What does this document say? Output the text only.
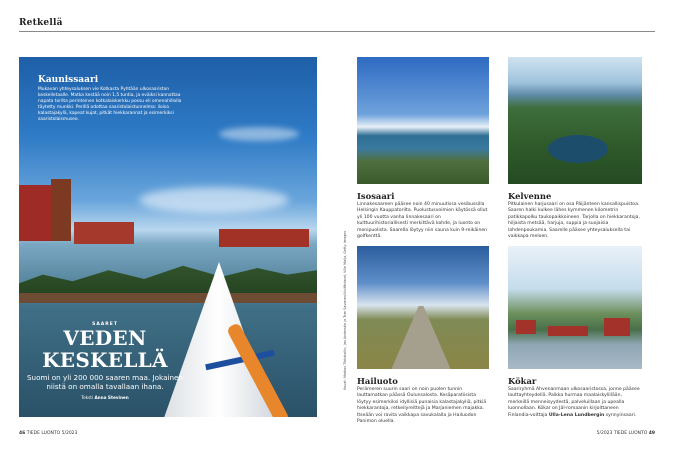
Retkellä
Kaunissaari
Mukavan yhteysaluksen vie Kotkasta Pyhtään ulkosaariston keskelletaalle. Matka kestää noin 1,5 tuntia, ja eväiksi kannattaa napata torilta perinteinen kotkalaiskerkku possu eli omenahillolla täytetty munkki. Perillä odottaa saaristolaistunnelma: iloisa kalastajakylä, kapeat kujat, pitkät hiekkarannat ja esimerkiksi saaristolaismuseo.
SAARET
VEDEN KESKELLÄ
Suomi on yli 200 000 saaren maa. Jokainen niistä on omalla tavallaan ihana.
Teksti Anna Stevinen
Kuvat: Markus Tihtokallio, Jan Andersén ja Tom Savonen/Visitfinland, Ville Malja, Getty Images
Isosaari
Linnakesaareen pääsee noin 40 minuutissa vesibussilla Helsingin Kauppatorilta. Puolustusvoimien käytössä ollut yli 100 vuotta vanha linnakesaari on kulttuurihistoriallisesti merkittävä kohde, ja luonto on monipuolista. Saarella löytyy niin sauna kuin 9-reikäinen golfkenttä.
Kelvenne
Pitkulainen harjusaari on osa Päijänteen kansallispuistoa. Saaren halki kulkee lähes kymmenen kilometrin patikkapolku taukopaikkoineen. Tarjolla on hiekkarantoja, hiljaista metsää, harjuja, suppia ja suojaisia lahdenpoukamia. Saarelle pääsee yhteysaluksella tai vaikkapa meloen.
Hailuoto
Perämeren suurin saari on noin puolen tunnin lauttamatkan päässä Oulunsalosta. Kesäparatiisista löytyy esimerkiksi idyllisiä punaisia kalastajakyliä, pitkiä hiekkarantoja, retkeilyreittejä ja Marjaniemen majakka. Itseään voi ravita vaikkapa savukalalla ja Hailuodon Panimon oluella.
Kökar
Saariryhmä Ahvenanmaan ulkosaaristossa, jonne pääsee lauttayhteydellä. Paikka hurmaa maalaiskylillään, merkeillä menneisyydestä, palveluillaan ja upealla luonnollaan. Kökar on Jäl-romaanin kirjoittaneen Finlandia-voittaja Ulla-Lena Lundbergin synnyinsaari.
46 TIEDE LUONTO 5/2023	5/2023 TIEDE LUONTO 49
